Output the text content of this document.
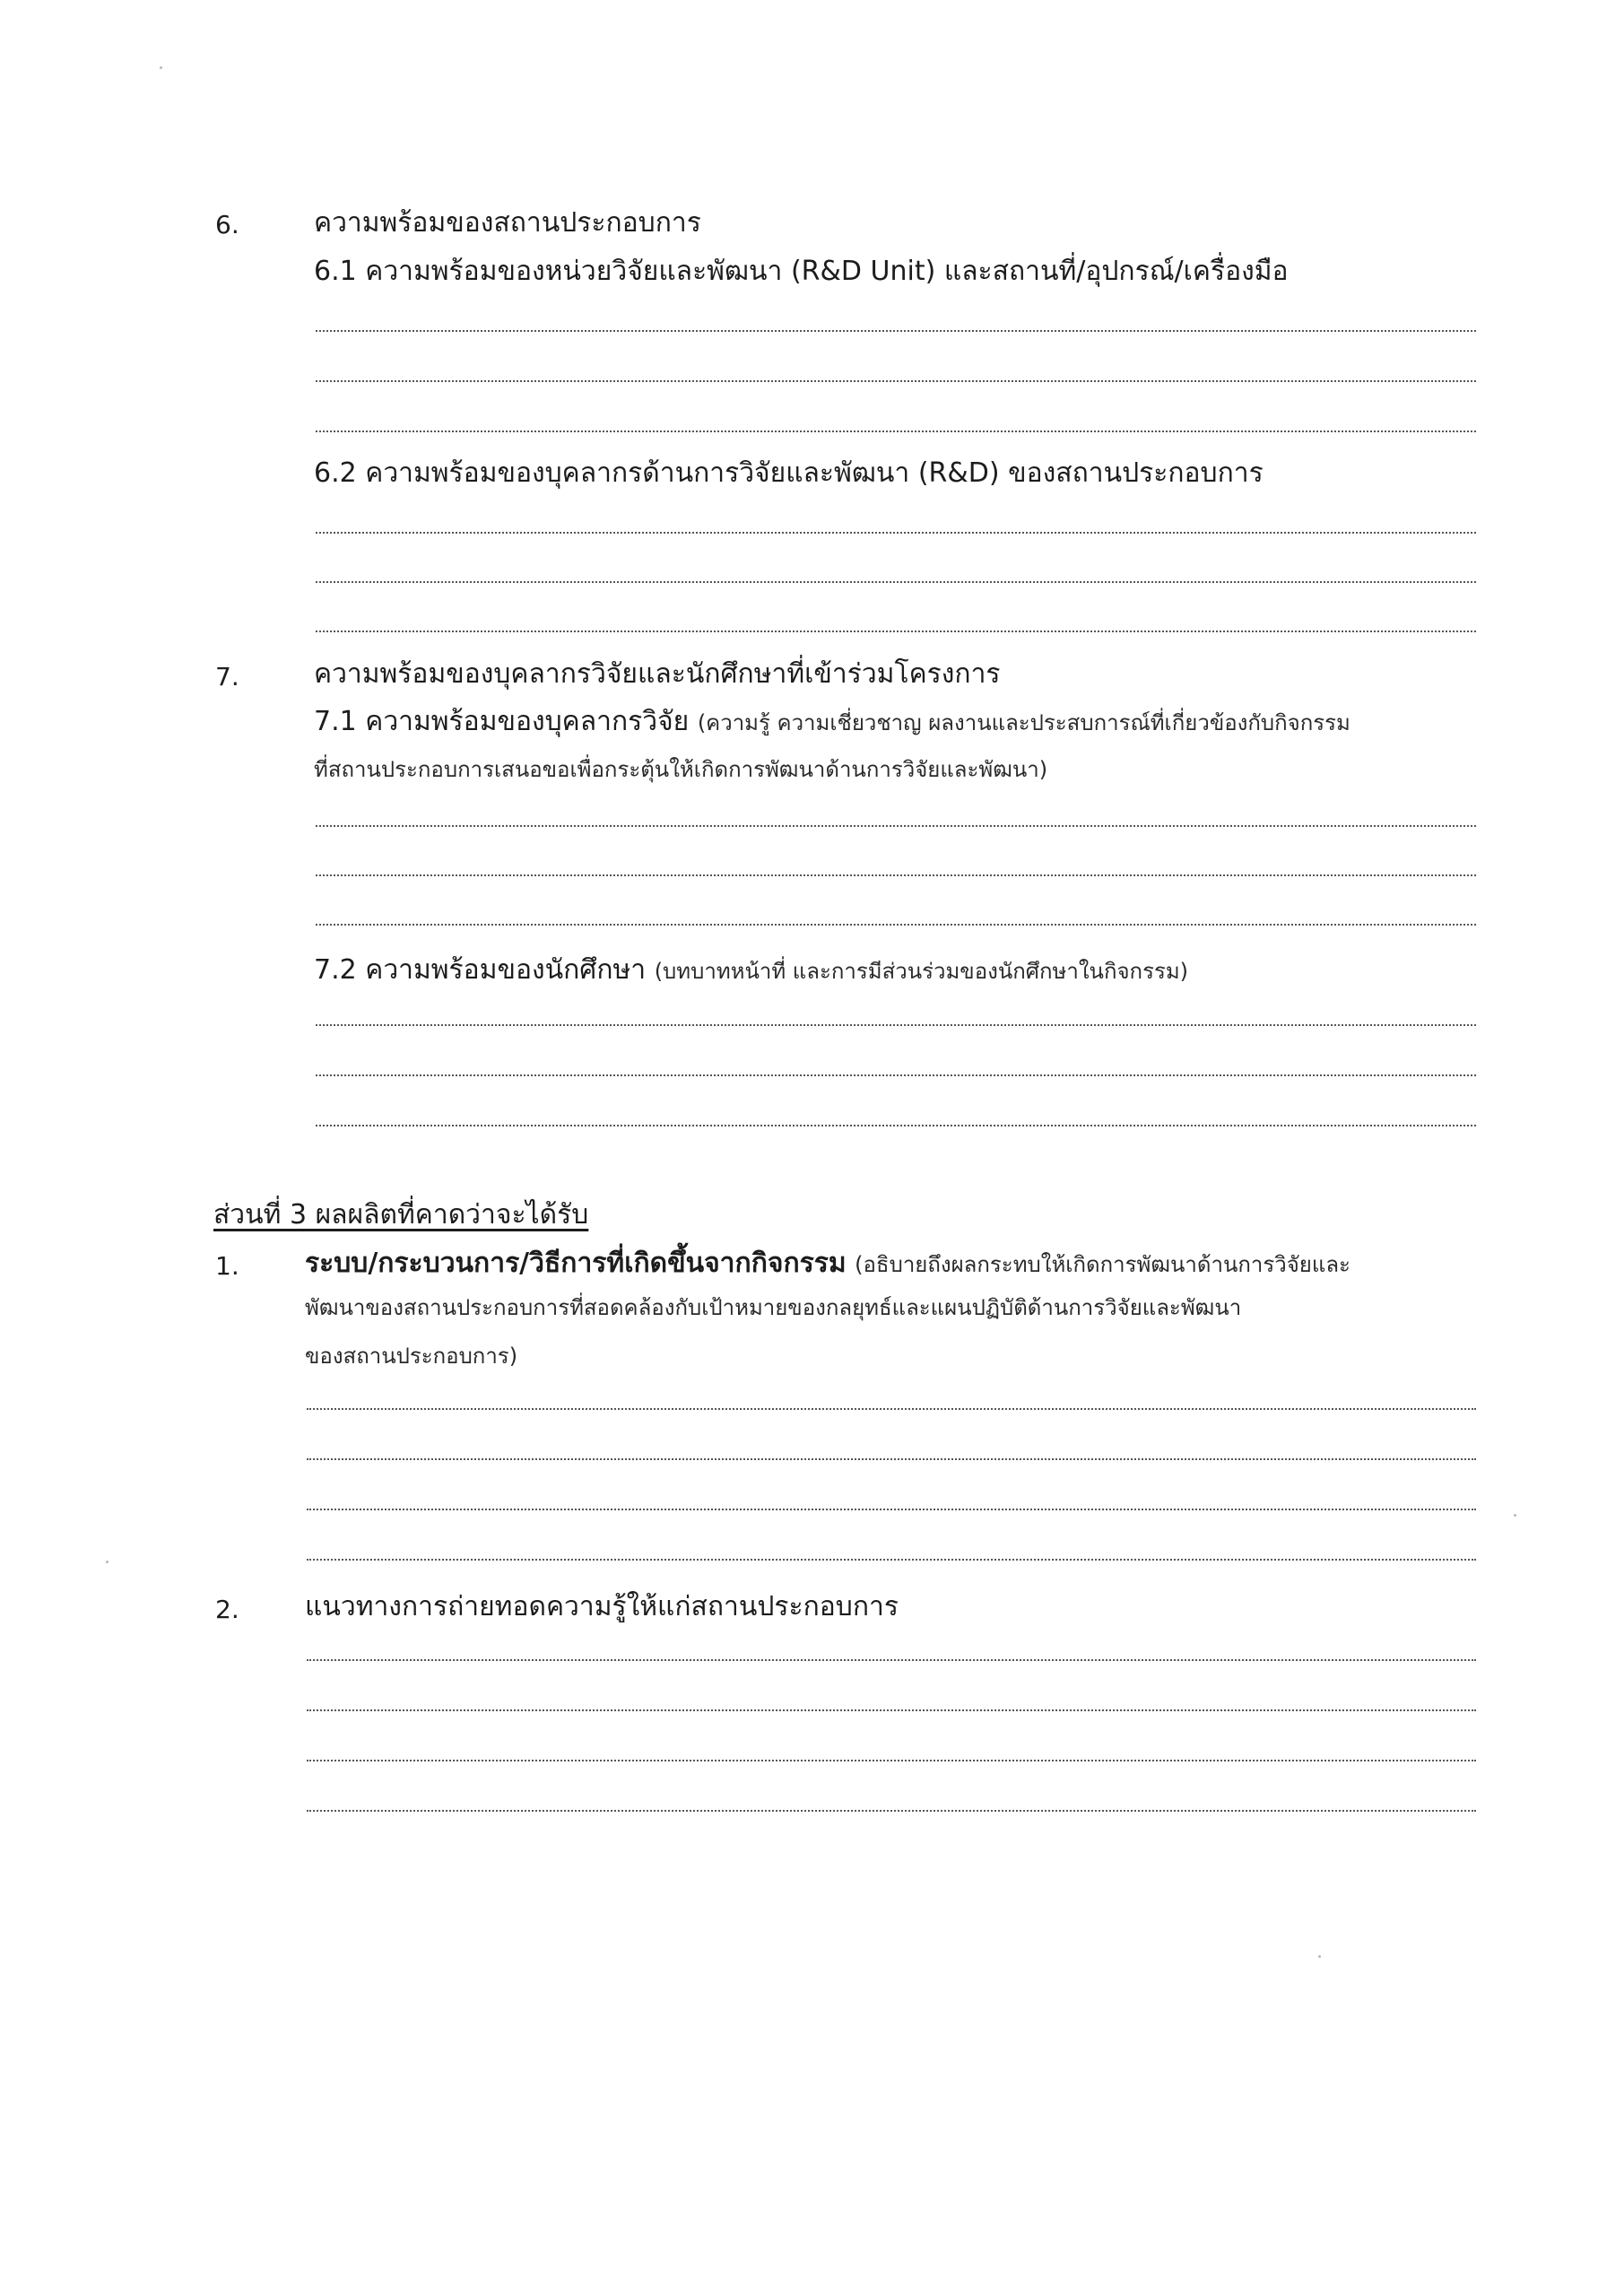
6.	ความพร้อมของสถานประกอบการ
6.1 ความพร้อมของหน่วยวิจัยและพัฒนา (R&D Unit) และสถานที่/อุปกรณ์/เครื่องมือ
6.2 ความพร้อมของบุคลากรด้านการวิจัยและพัฒนา (R&D) ของสถานประกอบการ
7.	ความพร้อมของบุคลากรวิจัยและนักศึกษาที่เข้าร่วมโครงการ
7.1 ความพร้อมของบุคลากรวิจัย (ความรู้ ความเชี่ยวชาญ ผลงานและประสบการณ์ที่เกี่ยวข้องกับกิจกรรม
ที่สถานประกอบการเสนอขอเพื่อกระตุ้นให้เกิดการพัฒนาด้านการวิจัยและพัฒนา)
7.2 ความพร้อมของนักศึกษา (บทบาทหน้าที่ และการมีส่วนร่วมของนักศึกษาในกิจกรรม)
ส่วนที่ 3 ผลผลิตที่คาดว่าจะได้รับ
1. ระบบ/กระบวนการ/วิธีการที่เกิดขึ้นจากกิจกรรม (อธิบายถึงผลกระทบให้เกิดการพัฒนาด้านการวิจัยและ
พัฒนาของสถานประกอบการที่สอดคล้องกับเป้าหมายของกลยุทธ์และแผนปฏิบัติด้านการวิจัยและพัฒนา
ของสถานประกอบการ)
2. แนวทางการถ่ายทอดความรู้ให้แก่สถานประกอบการ
